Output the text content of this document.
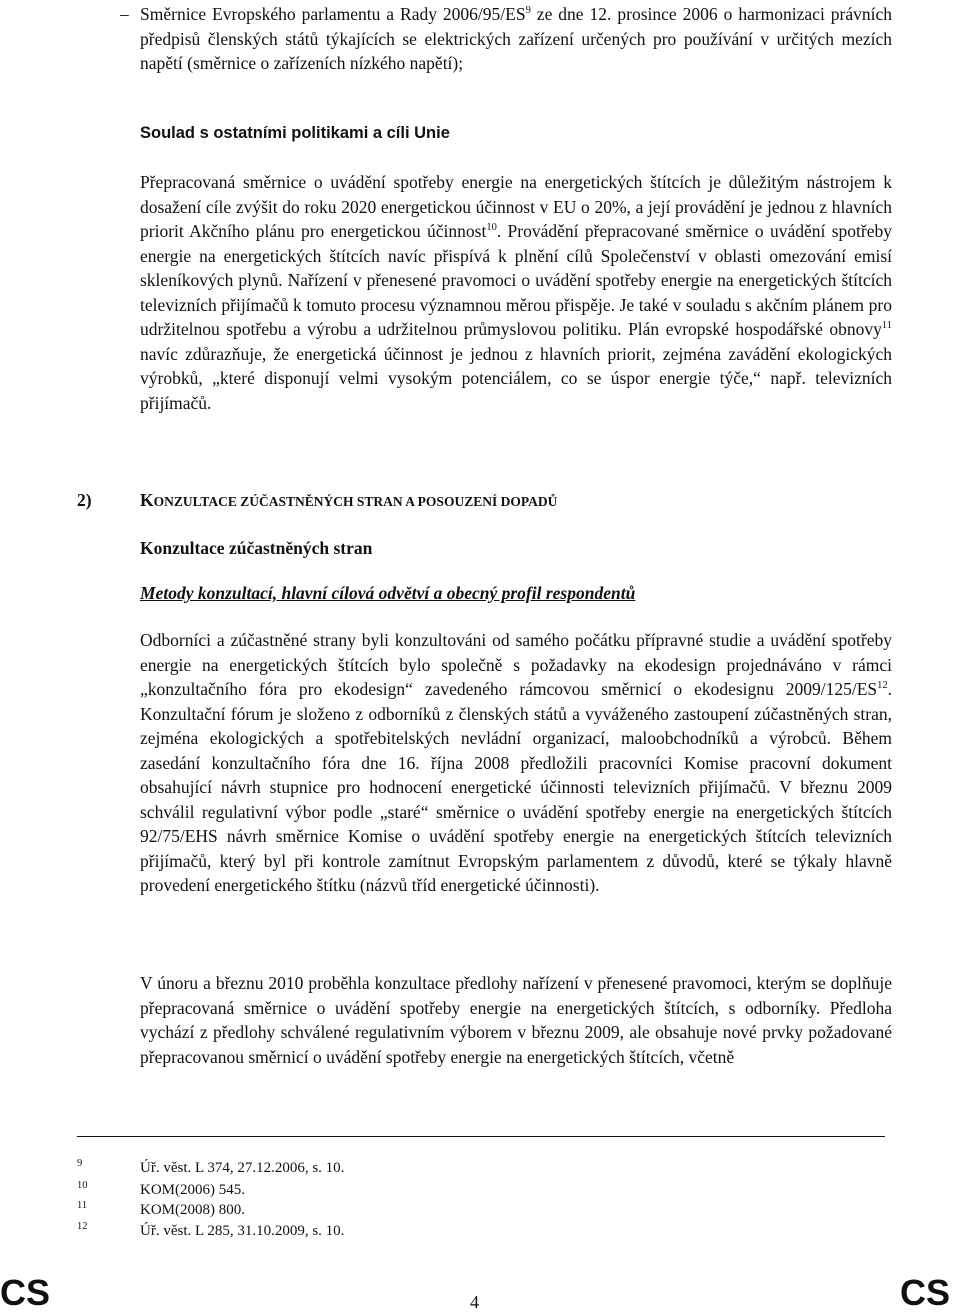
– Směrnice Evropského parlamentu a Rady $2006/95/ES^9$ ze dne 12. prosince 2006 o harmonizaci právních předpisů členských států týkajících se elektrických zařízení určených pro používání v určitých mezích napětí (směrnice o zařízeních nízkého napětí);
Soulad s ostatními politikami a cíli Unie

Přepracovaná směrnice o uvádění spotřeby energie na energetických štítcích je důležitým nástrojem k dosažení cíle zvýšit do roku 2020 energetickou účinnost v EU o 20%, a její provádění je jednou z hlavních priorit Akčního plánu pro energetickou účinnost$^{10}$. Provádění přepracované směrnice o uvádění spotřeby energie na energetických štítcích navíc přispívá k plnění cílů Společenství v oblasti omezování emisí skleníkových plynů. Nařízení v přenesené pravomoci o uvádění spotřeby energie na energetických štítcích televizních přijímačů k tomuto procesu významnou měrou přispěje. Je také v souladu s akčním plánem pro udržitelnou spotřebu a výrobu a udržitelnou průmyslovou politiku. Plán evropské hospodářské obnovy$^{11}$ navíc zdůrazňuje, že energetická účinnost je jednou z hlavních priorit, zejména zavádění ekologických výrobků, „které disponují velmi vysokým potenciálem, co se úspor energie týče,“ např. televizních přijímačů.

2)	KONZULTACE ZÚČASTNĚNÝCH STRAN A POSOUZENÍ DOPADŮ
Konzultace zúčastněných stran
Metody konzultací, hlavní cílová odvětví a obecný profil respondentů

Odborníci a zúčastněné strany byli konzultováni od samého počátku přípravné studie a uvádění spotřeby energie na energetických štítcích bylo společně s požadavky na ekodesign projednáváno v rámci „konzultačního fóra pro ekodesign“ zavedeného rámcovou směrnicí o ekodesignu 2009/125/ES$^{12}$. Konzultační fórum je složeno z odborníků z členských států a vyváženého zastoupení zúčastněných stran, zejména ekologických a spotřebitelských nevládní organizací, maloobchodníků a výrobců. Během zasedání konzultačního fóra dne 16. října 2008 předložili pracovníci Komise pracovní dokument obsahující návrh stupnice pro hodnocení energetické účinnosti televizních přijímačů. V březnu 2009 schválil regulativní výbor podle „staré“ směrnice o uvádění spotřeby energie na energetických štítcích 92/75/EHS návrh směrnice Komise o uvádění spotřeby energie na energetických štítcích televizních přijímačů, který byl při kontrole zamítnut Evropským parlamentem z důvodů, které se týkaly hlavně provedení energetického štítku (názvů tříd energetické účinnosti).

V únoru a březnu 2010 proběhla konzultace předlohy nařízení v přenesené pravomoci, kterým se doplňuje přepracovaná směrnice o uvádění spotřeby energie na energetických štítcích, s odborníky. Předloha vychází z předlohy schválené regulativním výborem v březnu 2009, ale obsahuje nové prvky požadované přepracovanou směrnicí o uvádění spotřeby energie na energetických štítcích, včetně

9	Úř. věst. L 374, 27.12.2006, s. 10.
10	KOM(2006) 545.
11	KOM(2008) 800.
12	Úř. věst. L 285, 31.10.2009, s. 10.
CS	4	CS
